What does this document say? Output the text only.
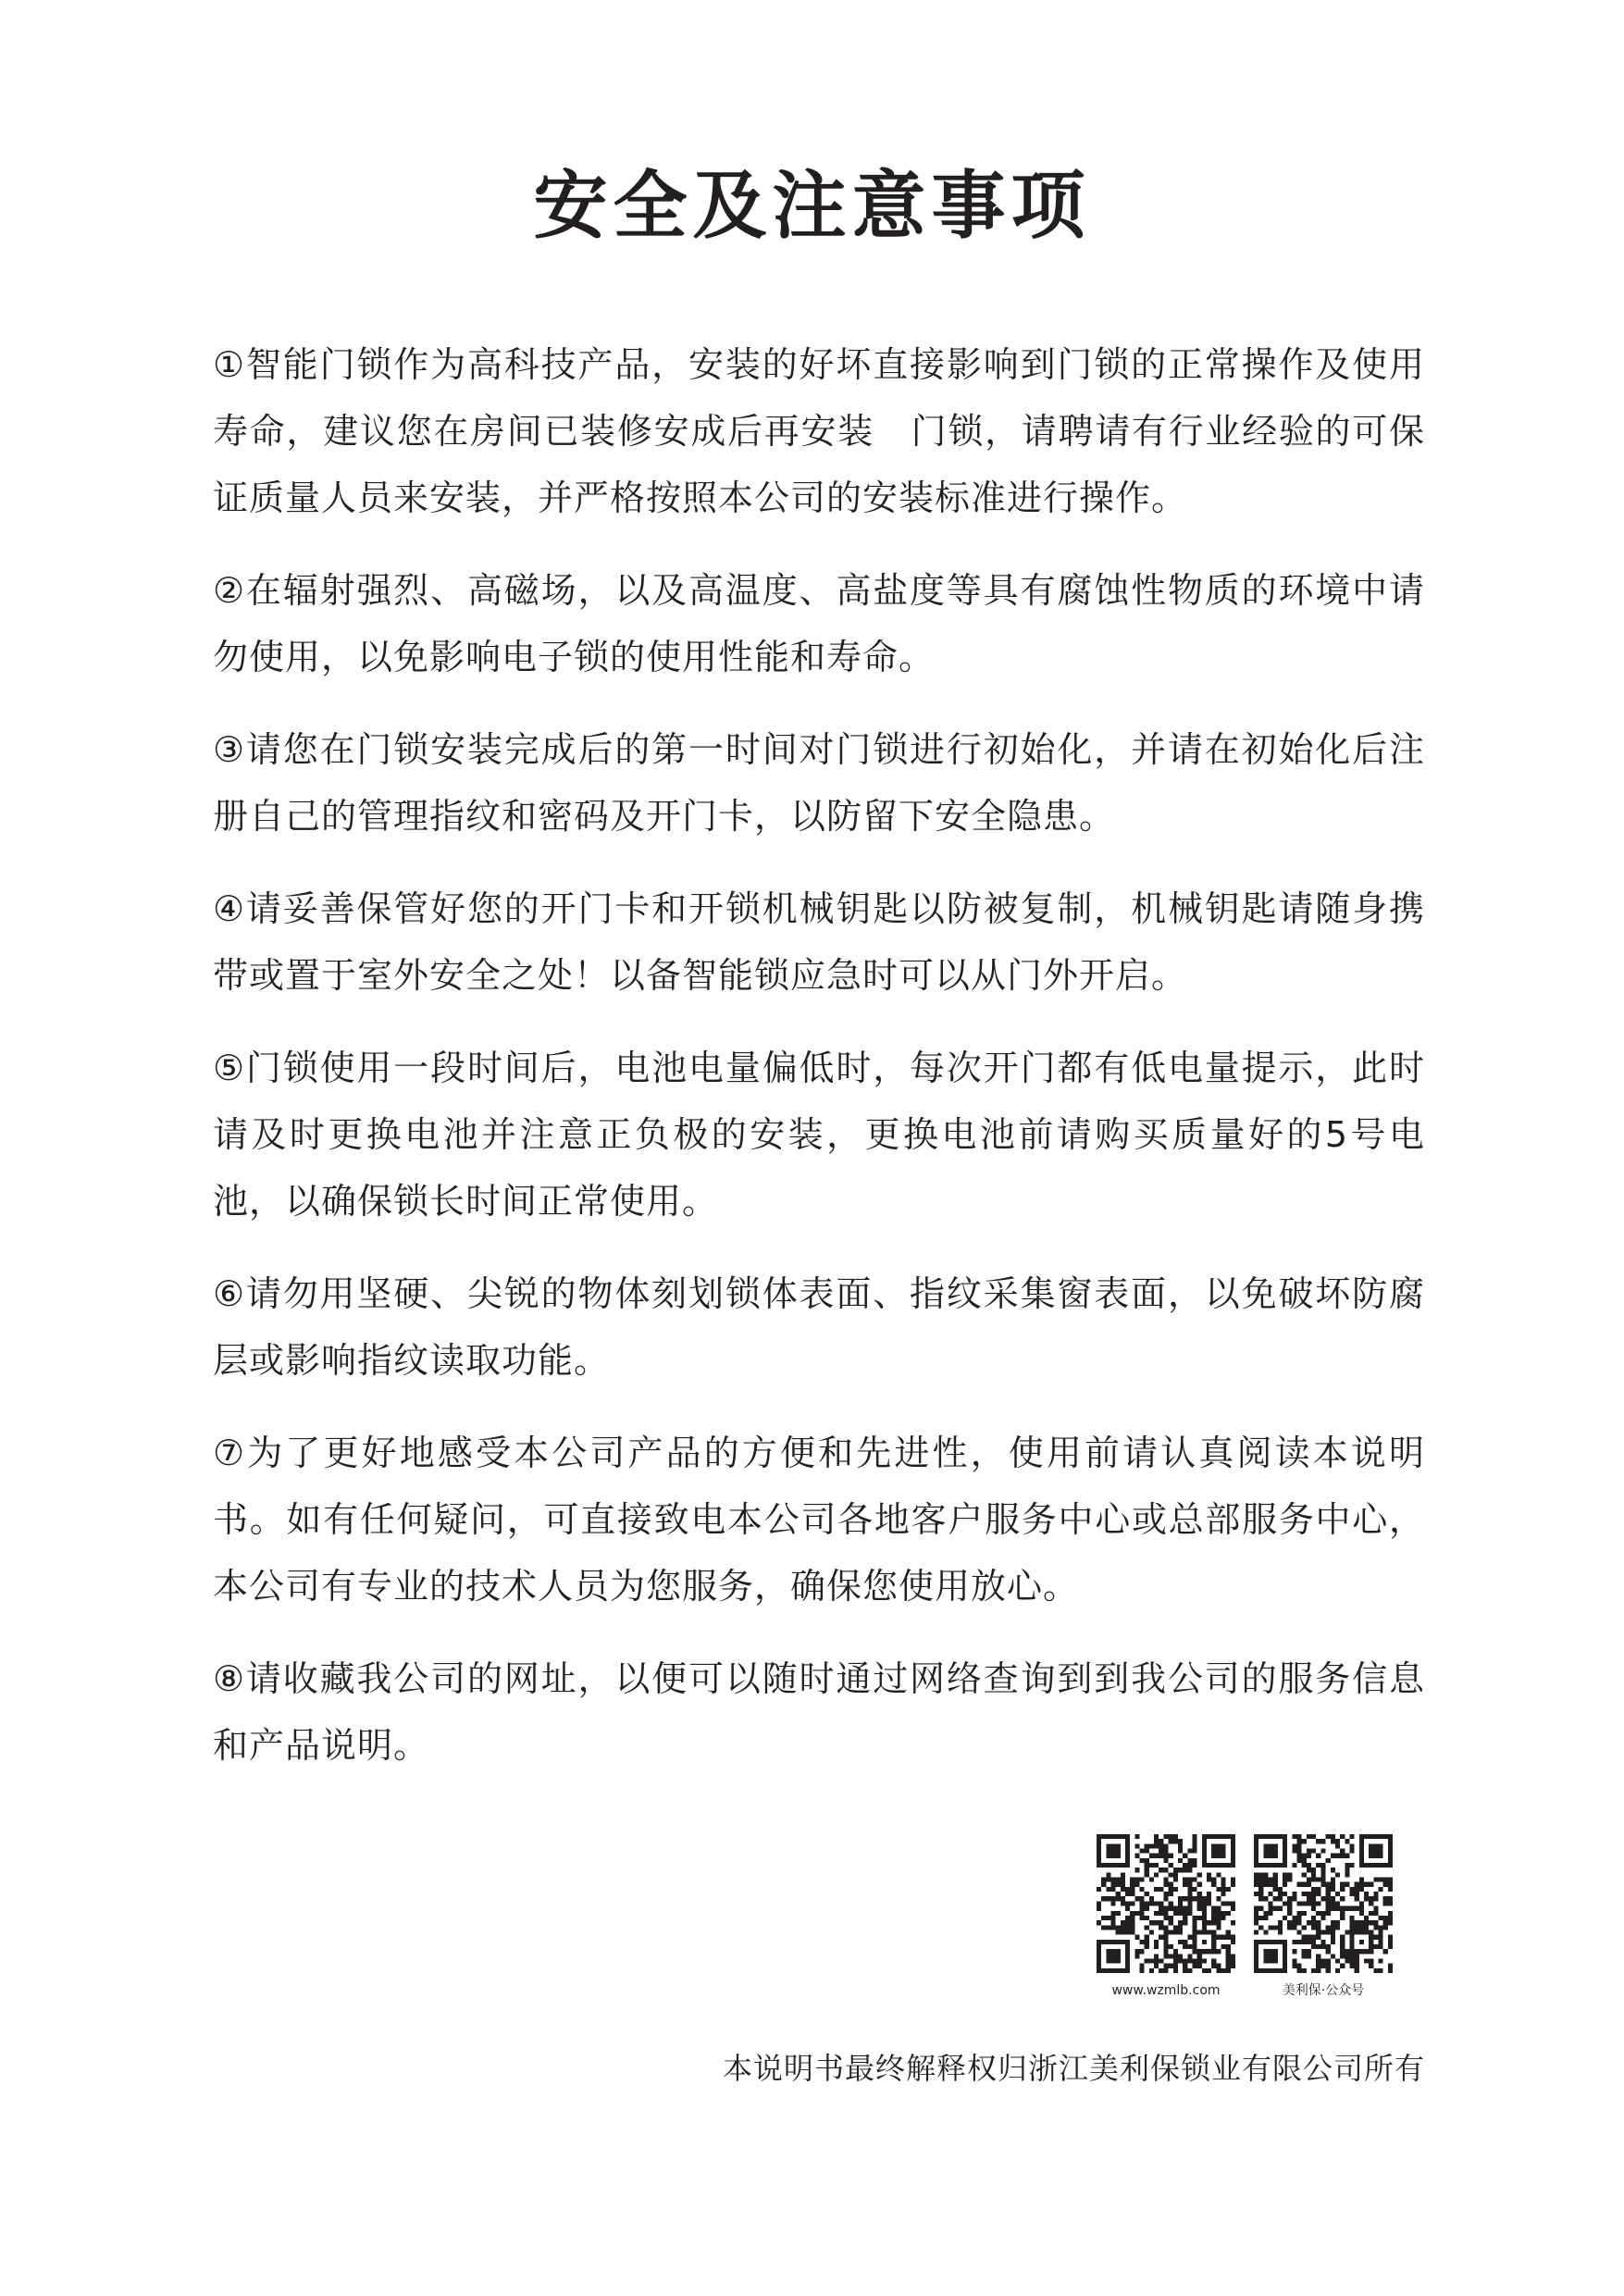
安全及注意事项

①智能门锁作为高科技产品，安装的好坏直接影响到门锁的正常操作及使用寿命，建议您在房间已装修安成后再安装　门锁，请聘请有行业经验的可保证质量人员来安装，并严格按照本公司的安装标准进行操作。

②在辐射强烈、高磁场，以及高温度、高盐度等具有腐蚀性物质的环境中请勿使用，以免影响电子锁的使用性能和寿命。

③请您在门锁安装完成后的第一时间对门锁进行初始化，并请在初始化后注册自己的管理指纹和密码及开门卡，以防留下安全隐患。

④请妥善保管好您的开门卡和开锁机械钥匙以防被复制，机械钥匙请随身携带或置于室外安全之处！以备智能锁应急时可以从门外开启。

⑤门锁使用一段时间后，电池电量偏低时，每次开门都有低电量提示，此时请及时更换电池并注意正负极的安装，更换电池前请购买质量好的5号电池，以确保锁长时间正常使用。

⑥请勿用坚硬、尖锐的物体刻划锁体表面、指纹采集窗表面，以免破坏防腐层或影响指纹读取功能。

⑦为了更好地感受本公司产品的方便和先进性，使用前请认真阅读本说明书。如有任何疑问，可直接致电本公司各地客户服务中心或总部服务中心，本公司有专业的技术人员为您服务，确保您使用放心。

⑧请收藏我公司的网址，以便可以随时通过网络查询到到我公司的服务信息和产品说明。

www.wzmlb.com	美利保·公众号
本说明书最终解释权归浙江美利保锁业有限公司所有
